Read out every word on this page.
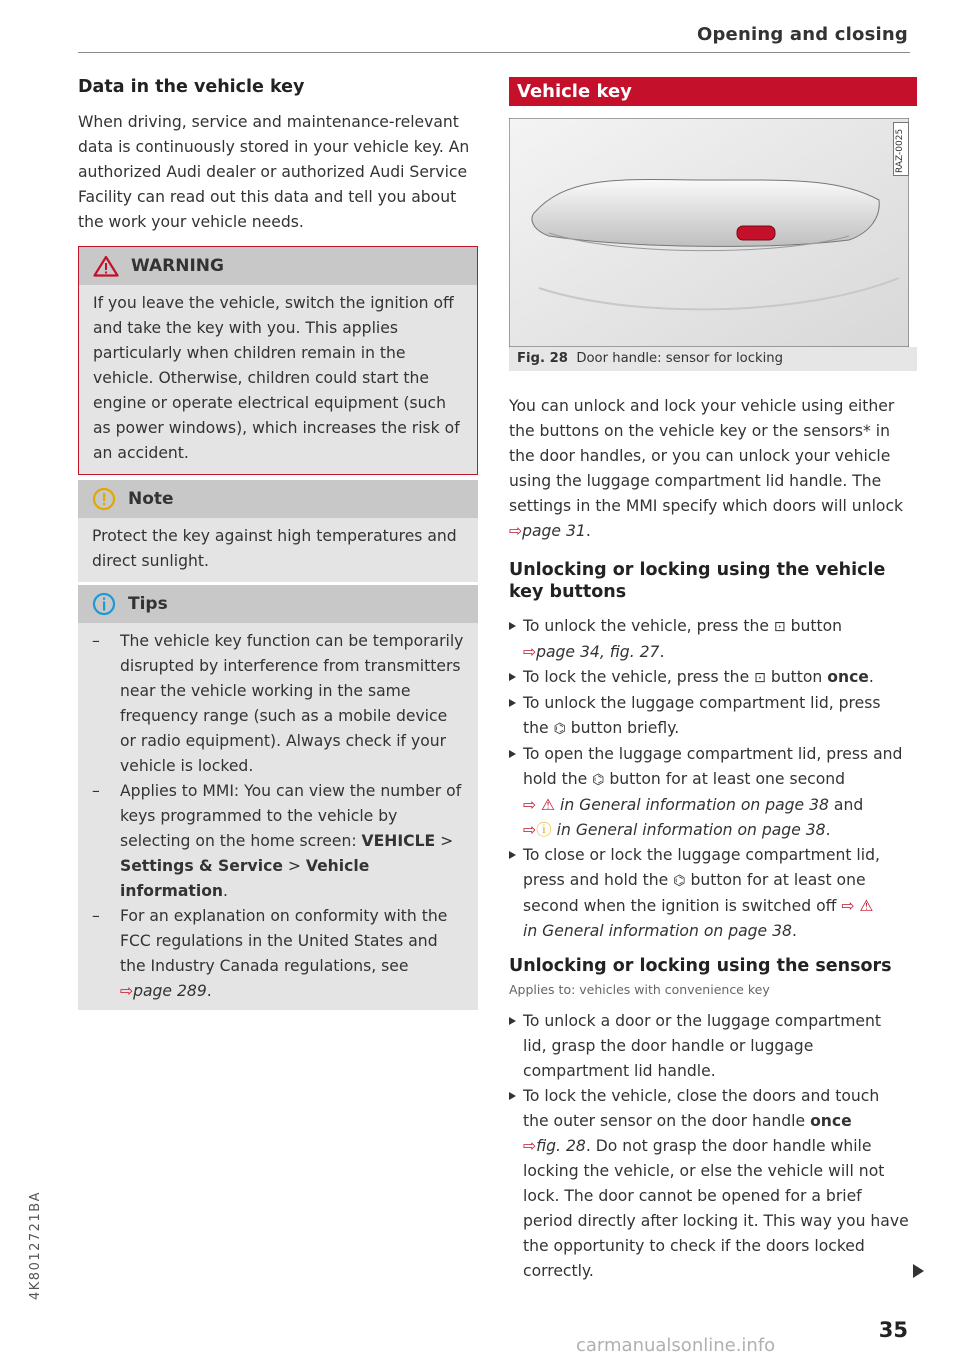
Opening and closing
Data in the vehicle key
When driving, service and maintenance-relevant data is continuously stored in your vehicle key. An authorized Audi dealer or authorized Audi Service Facility can read out this data and tell you about the work your vehicle needs.
WARNING
If you leave the vehicle, switch the ignition off and take the key with you. This applies particularly when children remain in the vehicle. Otherwise, children could start the engine or operate electrical equipment (such as power windows), which increases the risk of an accident.
Note
Protect the key against high temperatures and direct sunlight.
Tips
– The vehicle key function can be temporarily disrupted by interference from transmitters near the vehicle working in the same frequency range (such as a mobile device or radio equipment). Always check if your vehicle is locked.
– Applies to MMI: You can view the number of keys programmed to the vehicle by selecting on the home screen: VEHICLE > Settings & Service > Vehicle information.
– For an explanation on conformity with the FCC regulations in the United States and the Industry Canada regulations, see
⇨page 289.
Vehicle key
RAZ-0025
Fig. 28 Door handle: sensor for locking
You can unlock and lock your vehicle using either the buttons on the vehicle key or the sensors* in the door handles, or you can unlock your vehicle using the luggage compartment lid handle. The settings in the MMI specify which doors will unlock ⇨page 31.
Unlocking or locking using the vehicle key buttons
To unlock the vehicle, press the ⊡ button
⇨page 34, fig. 27.
To lock the vehicle, press the ⊡ button once.
To unlock the luggage compartment lid, press the ⌬ button briefly.
To open the luggage compartment lid, press and hold the ⌬ button for at least one second
⇨ ⚠ in General information on page 38 and
⇨ⓘ in General information on page 38.
To close or lock the luggage compartment lid, press and hold the ⌬ button for at least one second when the ignition is switched off ⇨ ⚠
in General information on page 38.
Unlocking or locking using the sensors
Applies to: vehicles with convenience key
To unlock a door or the luggage compartment lid, grasp the door handle or luggage compartment lid handle.
To lock the vehicle, close the doors and touch the outer sensor on the door handle once
⇨fig. 28. Do not grasp the door handle while locking the vehicle, or else the vehicle will not lock. The door cannot be opened for a brief period directly after locking it. This way you have the opportunity to check if the doors locked correctly.
35
4K8012721BA
carmanualsonline.info
